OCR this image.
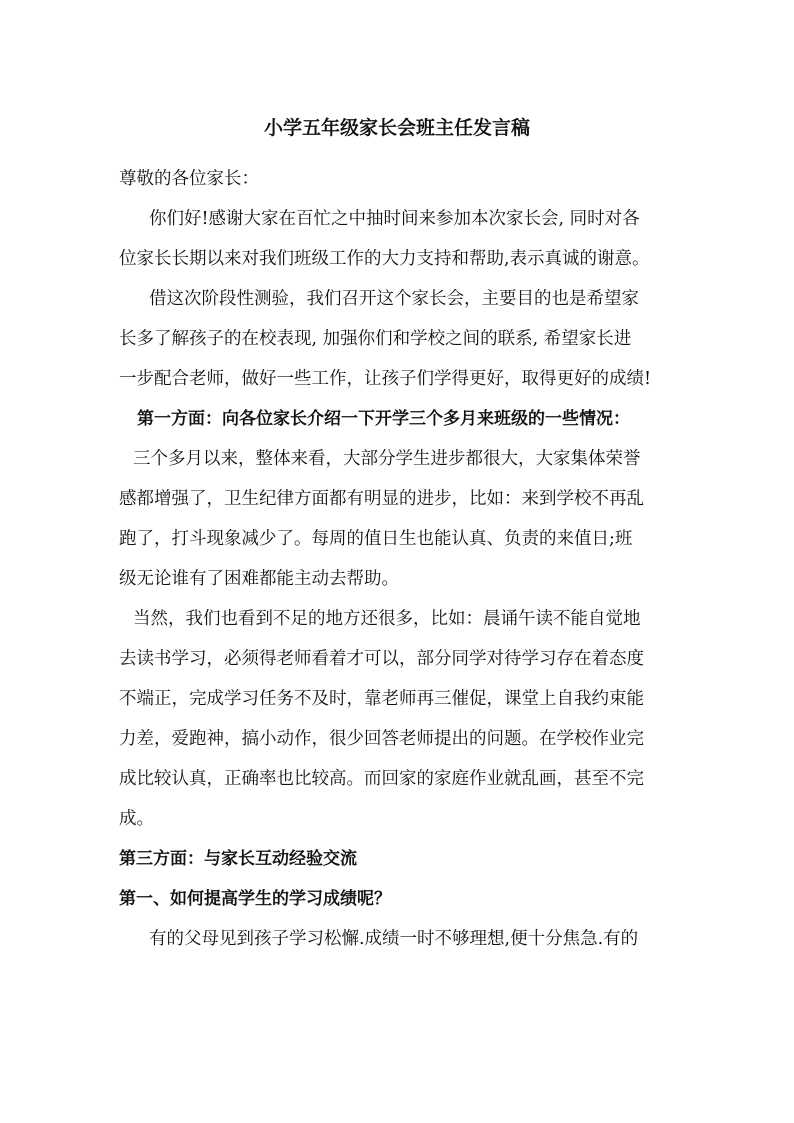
小学五年级家长会班主任发言稿

尊敬的各位家长：

你们好!感谢大家在百忙之中抽时间来参加本次家长会, 同时对各

位家长长期以来对我们班级工作的大力支持和帮助,表示真诚的谢意。

借这次阶段性测验，我们召开这个家长会，主要目的也是希望家

长多了解孩子的在校表现, 加强你们和学校之间的联系, 希望家长进

一步配合老师，做好一些工作，让孩子们学得更好，取得更好的成绩!

第一方面：向各位家长介绍一下开学三个多月来班级的一些情况：

三个多月以来，整体来看，大部分学生进步都很大，大家集体荣誉

感都增强了，卫生纪律方面都有明显的进步，比如：来到学校不再乱

跑了，打斗现象减少了。每周的值日生也能认真、负责的来值日;班

级无论谁有了困难都能主动去帮助。

当然，我们也看到不足的地方还很多，比如：晨诵午读不能自觉地

去读书学习，必须得老师看着才可以，部分同学对待学习存在着态度

不端正，完成学习任务不及时，靠老师再三催促，课堂上自我约束能

力差，爱跑神，搞小动作，很少回答老师提出的问题。在学校作业完

成比较认真，正确率也比较高。而回家的家庭作业就乱画，甚至不完

成。

第三方面：与家长互动经验交流

第一、如何提高学生的学习成绩呢？

有的父母见到孩子学习松懈.成绩一时不够理想,便十分焦急.有的
